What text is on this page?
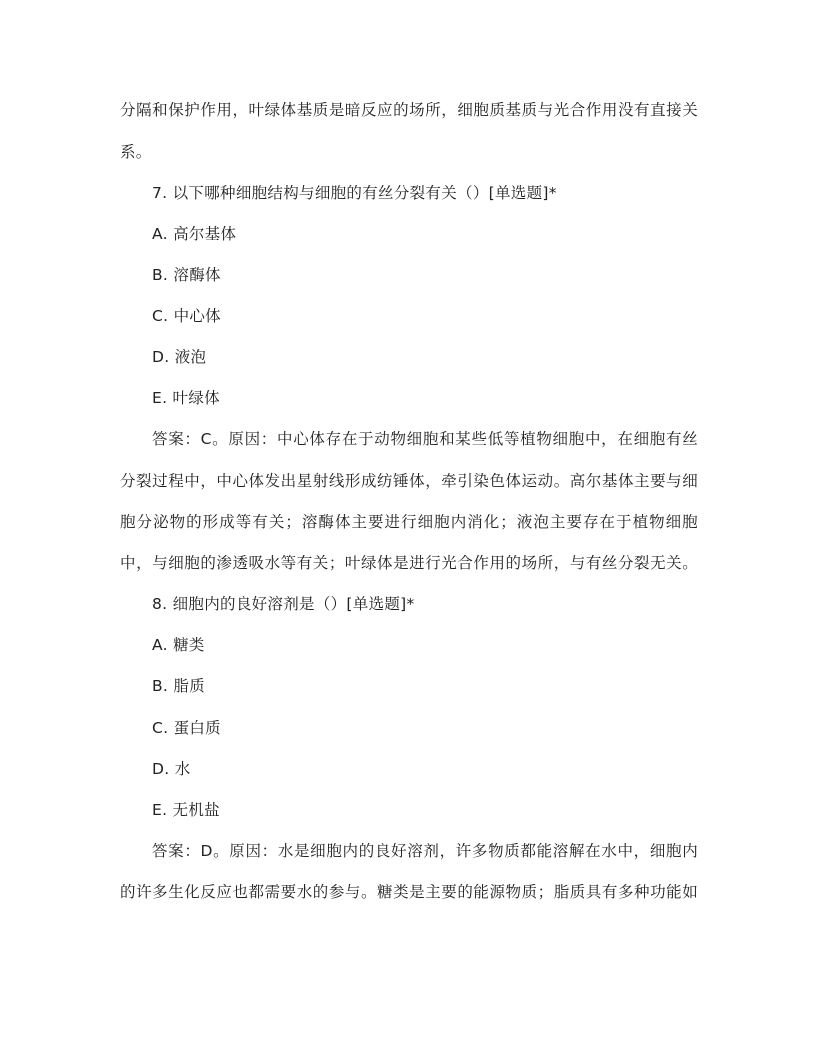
分隔和保护作用，叶绿体基质是暗反应的场所，细胞质基质与光合作用没有直接关
系。
7. 以下哪种细胞结构与细胞的有丝分裂有关（）[单选题]*
A. 高尔基体
B. 溶酶体
C. 中心体
D. 液泡
E. 叶绿体
答案：C。原因：中心体存在于动物细胞和某些低等植物细胞中，在细胞有丝
分裂过程中，中心体发出星射线形成纺锤体，牵引染色体运动。高尔基体主要与细
胞分泌物的形成等有关；溶酶体主要进行细胞内消化；液泡主要存在于植物细胞
中，与细胞的渗透吸水等有关；叶绿体是进行光合作用的场所，与有丝分裂无关。
8. 细胞内的良好溶剂是（）[单选题]*
A. 糖类
B. 脂质
C. 蛋白质
D. 水
E. 无机盐
答案：D。原因：水是细胞内的良好溶剂，许多物质都能溶解在水中，细胞内
的许多生化反应也都需要水的参与。糖类是主要的能源物质；脂质具有多种功能如
